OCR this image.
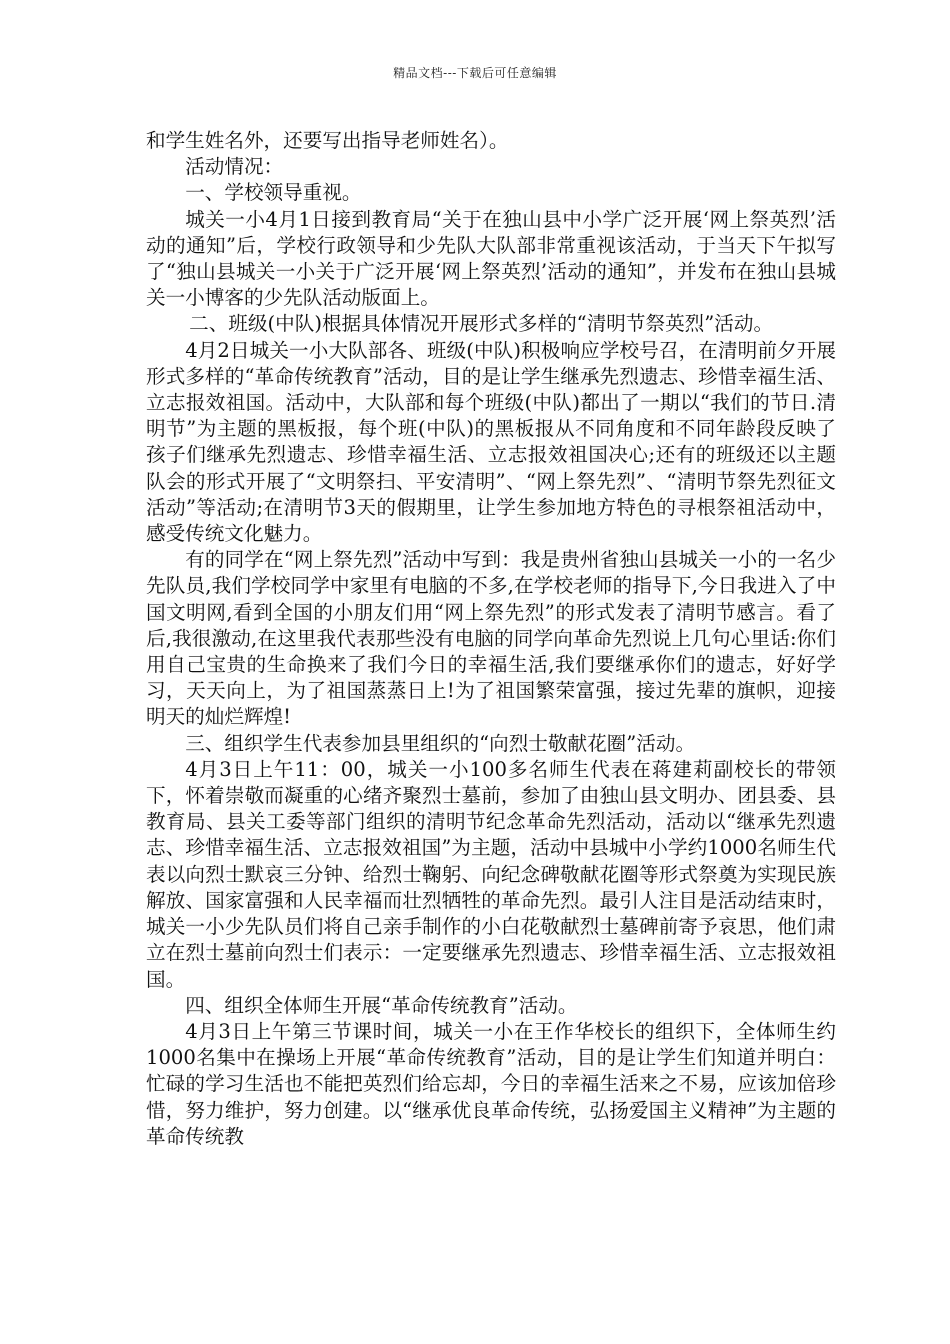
精品文档---下载后可任意编辑

和学生姓名外，还要写出指导老师姓名）。

活动情况：

一、学校领导重视。

城关一小4月1日接到教育局“关于在独山县中小学广泛开展‘网上祭英烈’活动的通知”后，学校行政领导和少先队大队部非常重视该活动，于当天下午拟写了“独山县城关一小关于广泛开展‘网上祭英烈’活动的通知”，并发布在独山县城关一小博客的少先队活动版面上。

二、班级(中队)根据具体情况开展形式多样的“清明节祭英烈”活动。

4月2日城关一小大队部各、班级(中队)积极响应学校号召，在清明前夕开展形式多样的“革命传统教育”活动，目的是让学生继承先烈遗志、珍惜幸福生活、立志报效祖国。活动中，大队部和每个班级(中队)都出了一期以“我们的节日.清明节”为主题的黑板报，每个班(中队)的黑板报从不同角度和不同年龄段反映了孩子们继承先烈遗志、珍惜幸福生活、立志报效祖国决心;还有的班级还以主题队会的形式开展了“文明祭扫、平安清明”、“网上祭先烈”、“清明节祭先烈征文活动”等活动;在清明节3天的假期里，让学生参加地方特色的寻根祭祖活动中，感受传统文化魅力。

有的同学在“网上祭先烈”活动中写到：我是贵州省独山县城关一小的一名少先队员,我们学校同学中家里有电脑的不多,在学校老师的指导下,今日我进入了中国文明网,看到全国的小朋友们用“网上祭先烈”的形式发表了清明节感言。看了后,我很激动,在这里我代表那些没有电脑的同学向革命先烈说上几句心里话:你们用自己宝贵的生命换来了我们今日的幸福生活,我们要继承你们的遗志，好好学习，天天向上，为了祖国蒸蒸日上!为了祖国繁荣富强，接过先辈的旗帜，迎接明天的灿烂辉煌!

三、组织学生代表参加县里组织的“向烈士敬献花圈”活动。

4月3日上午11：00，城关一小100多名师生代表在蒋建莉副校长的带领下，怀着崇敬而凝重的心绪齐聚烈士墓前，参加了由独山县文明办、团县委、县教育局、县关工委等部门组织的清明节纪念革命先烈活动，活动以“继承先烈遗志、珍惜幸福生活、立志报效祖国”为主题，活动中县城中小学约1000名师生代表以向烈士默哀三分钟、给烈士鞠躬、向纪念碑敬献花圈等形式祭奠为实现民族解放、国家富强和人民幸福而壮烈牺牲的革命先烈。最引人注目是活动结束时，城关一小少先队员们将自己亲手制作的小白花敬献烈士墓碑前寄予哀思，他们肃立在烈士墓前向烈士们表示：一定要继承先烈遗志、珍惜幸福生活、立志报效祖国。

四、组织全体师生开展“革命传统教育”活动。

4月3日上午第三节课时间，城关一小在王作华校长的组织下，全体师生约1000名集中在操场上开展“革命传统教育”活动，目的是让学生们知道并明白：忙碌的学习生活也不能把英烈们给忘却，今日的幸福生活来之不易，应该加倍珍惜，努力维护，努力创建。以“继承优良革命传统，弘扬爱国主义精神”为主题的革命传统教
